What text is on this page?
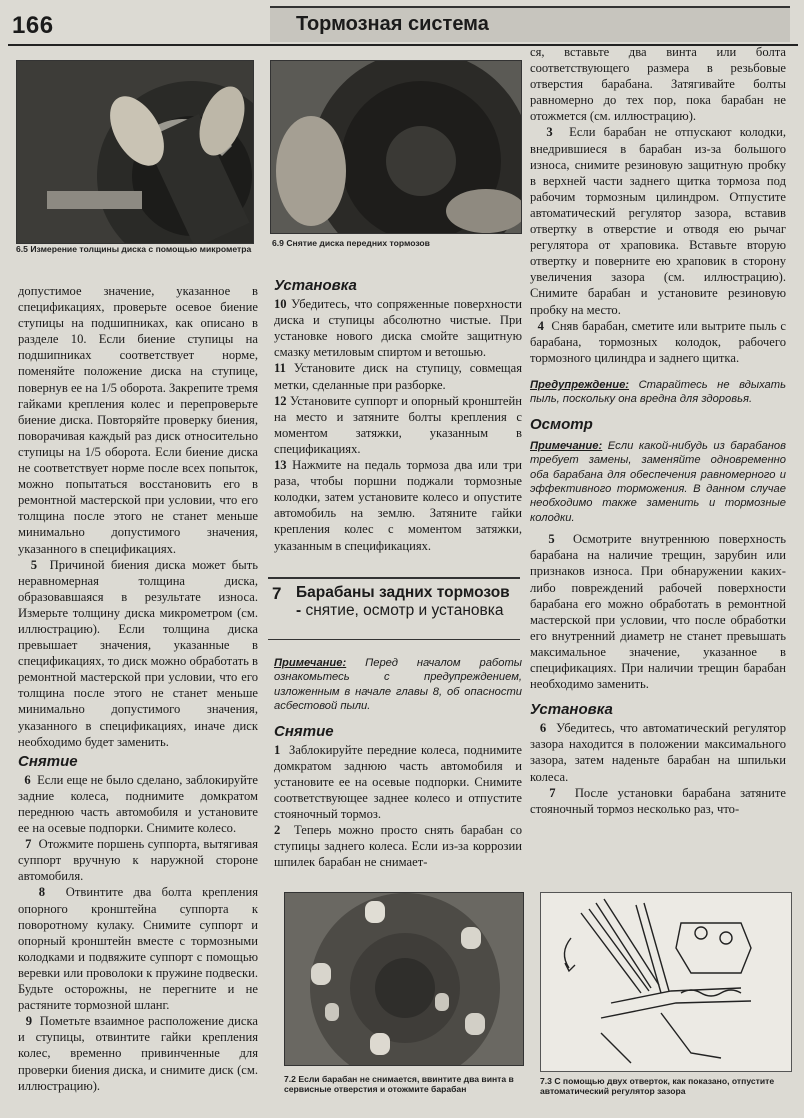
166	Тормозная система
6.5 Измерение толщины диска с помощью микрометра
6.9 Снятие диска передних тормозов

допустимое значение, указанное в спецификациях, проверьте осевое биение ступицы на подшипниках, как описано в разделе 10. Если биение ступицы на подшипниках соответствует норме, поменяйте положение диска на ступице, повернув ее на 1/5 оборота. Закрепите тремя гайками крепления колес и перепроверьте биение диска. Повторяйте проверку биения, поворачивая каждый раз диск относительно ступицы на 1/5 оборота. Если биение диска не соответствует норме после всех попыток, можно попытаться восстановить его в ремонтной мастерской при условии, что его толщина после этого не станет меньше минимально допустимого значения, указанного в спецификациях.

5 Причиной биения диска может быть неравномерная толщина диска, образовавшаяся в результате износа. Измерьте толщину диска микрометром (см. иллюстрацию). Если толщина диска превышает значения, указанные в спецификациях, то диск можно обработать в ремонтной мастерской при условии, что его толщина после этого не станет меньше минимально допустимого значения, указанного в спецификациях, иначе диск необходимо будет заменить.

Снятие

6 Если еще не было сделано, заблокируйте задние колеса, поднимите домкратом переднюю часть автомобиля и установите ее на осевые подпорки. Снимите колесо.

7 Отожмите поршень суппорта, вытягивая суппорт вручную к наружной стороне автомобиля.

8 Отвинтите два болта крепления опорного кронштейна суппорта к поворотному кулаку. Снимите суппорт и опорный кронштейн вместе с тормозными колодками и подвяжите суппорт с помощью веревки или проволоки к пружине подвески. Будьте осторожны, не перегните и не растяните тормозной шланг.

9 Пометьте взаимное расположение диска и ступицы, отвинтите гайки крепления колес, временно привинченные для проверки биения диска, и снимите диск (см. иллюстрацию).

Установка

10 Убедитесь, что сопряженные поверхности диска и ступицы абсолютно чистые. При установке нового диска смойте защитную смазку метиловым спиртом и ветошью.

11 Установите диск на ступицу, совмещая метки, сделанные при разборке.

12 Установите суппорт и опорный кронштейн на место и затяните болты крепления с моментом затяжки, указанным в спецификациях.

13 Нажмите на педаль тормоза два или три раза, чтобы поршни поджали тормозные колодки, затем установите колесо и опустите автомобиль на землю. Затяните гайки крепления колес с моментом затяжки, указанным в спецификациях.

7 Барабаны задних тормозов - снятие, осмотр и установка

Примечание: Перед началом работы ознакомьтесь с предупреждением, изложенным в начале главы 8, об опасности асбестовой пыли.

Снятие

1 Заблокируйте передние колеса, поднимите домкратом заднюю часть автомобиля и установите ее на осевые подпорки. Снимите соответствующее заднее колесо и отпустите стояночный тормоз.

2 Теперь можно просто снять барабан со ступицы заднего колеса. Если из-за коррозии шпилек барабан не снимает-

7.2 Если барабан не снимается, ввинтите два винта в сервисные отверстия и отожмите барабан

ся, вставьте два винта или болта соответствующего размера в резьбовые отверстия барабана. Затягивайте болты равномерно до тех пор, пока барабан не отожмется (см. иллюстрацию).

3 Если барабан не отпускают колодки, внедрившиеся в барабан из-за большого износа, снимите резиновую защитную пробку в верхней части заднего щитка тормоза под рабочим тормозным цилиндром. Отпустите автоматический регулятор зазора, вставив отвертку в отверстие и отводя ею рычаг регулятора от храповика. Вставьте вторую отвертку и поверните ею храповик в сторону увеличения зазора (см. иллюстрацию). Снимите барабан и установите резиновую пробку на место.

4 Сняв барабан, сметите или вытрите пыль с барабана, тормозных колодок, рабочего тормозного цилиндра и заднего щитка.

Предупреждение: Старайтесь не вдыхать пыль, поскольку она вредна для здоровья.

Осмотр

Примечание: Если какой-нибудь из барабанов требует замены, заменяйте одновременно оба барабана для обеспечения равномерного и эффективного торможения. В данном случае необходимо также заменить и тормозные колодки.

5 Осмотрите внутреннюю поверхность барабана на наличие трещин, зарубин или признаков износа. При обнаружении каких-либо повреждений рабочей поверхности барабана его можно обработать в ремонтной мастерской при условии, что после обработки его внутренний диаметр не станет превышать максимальное значение, указанное в спецификациях. При наличии трещин барабан необходимо заменить.

Установка

6 Убедитесь, что автоматический регулятор зазора находится в положении максимального зазора, затем наденьте барабан на шпильки колеса.

7 После установки барабана затяните стояночный тормоз несколько раз, что-

7.3 С помощью двух отверток, как показано, отпустите автоматический регулятор зазора
